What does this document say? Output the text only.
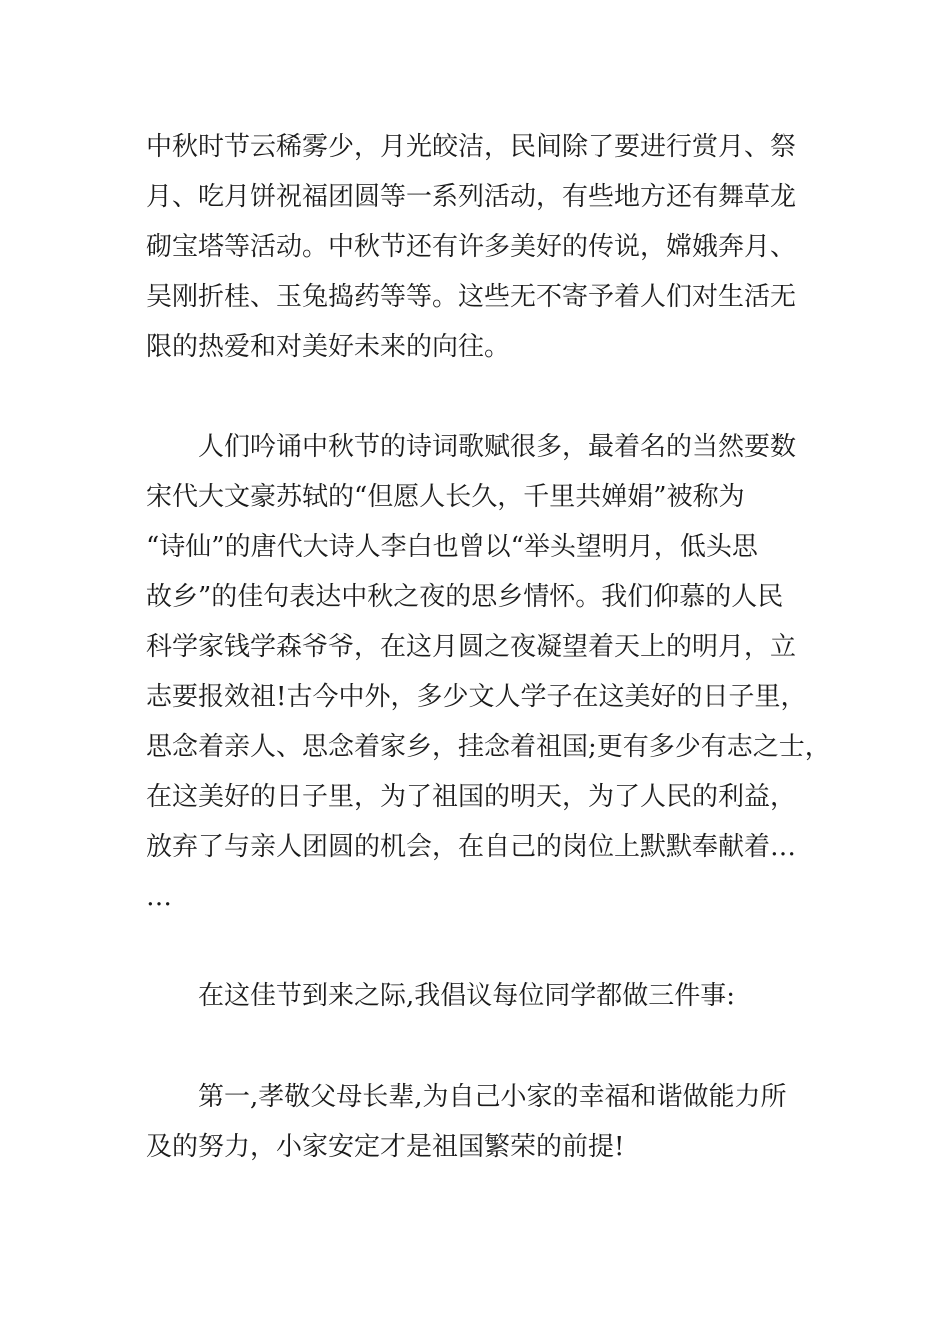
中秋时节云稀雾少，月光皎洁，民间除了要进行赏月、祭
月、吃月饼祝福团圆等一系列活动，有些地方还有舞草龙
砌宝塔等活动。中秋节还有许多美好的传说，嫦娥奔月、
吴刚折桂、玉兔捣药等等。这些无不寄予着人们对生活无
限的热爱和对美好未来的向往。
人们吟诵中秋节的诗词歌赋很多，最着名的当然要数
宋代大文豪苏轼的“但愿人长久，千里共婵娟”被称为
“诗仙”的唐代大诗人李白也曾以“举头望明月，低头思
故乡”的佳句表达中秋之夜的思乡情怀。我们仰慕的人民
科学家钱学森爷爷，在这月圆之夜凝望着天上的明月，立
志要报效祖!古今中外，多少文人学子在这美好的日子里，
思念着亲人、思念着家乡，挂念着祖国;更有多少有志之士，
在这美好的日子里，为了祖国的明天，为了人民的利益，
放弃了与亲人团圆的机会，在自己的岗位上默默奉献着…
…
在这佳节到来之际,我倡议每位同学都做三件事:
第一,孝敬父母长辈,为自己小家的幸福和谐做能力所
及的努力，小家安定才是祖国繁荣的前提!
